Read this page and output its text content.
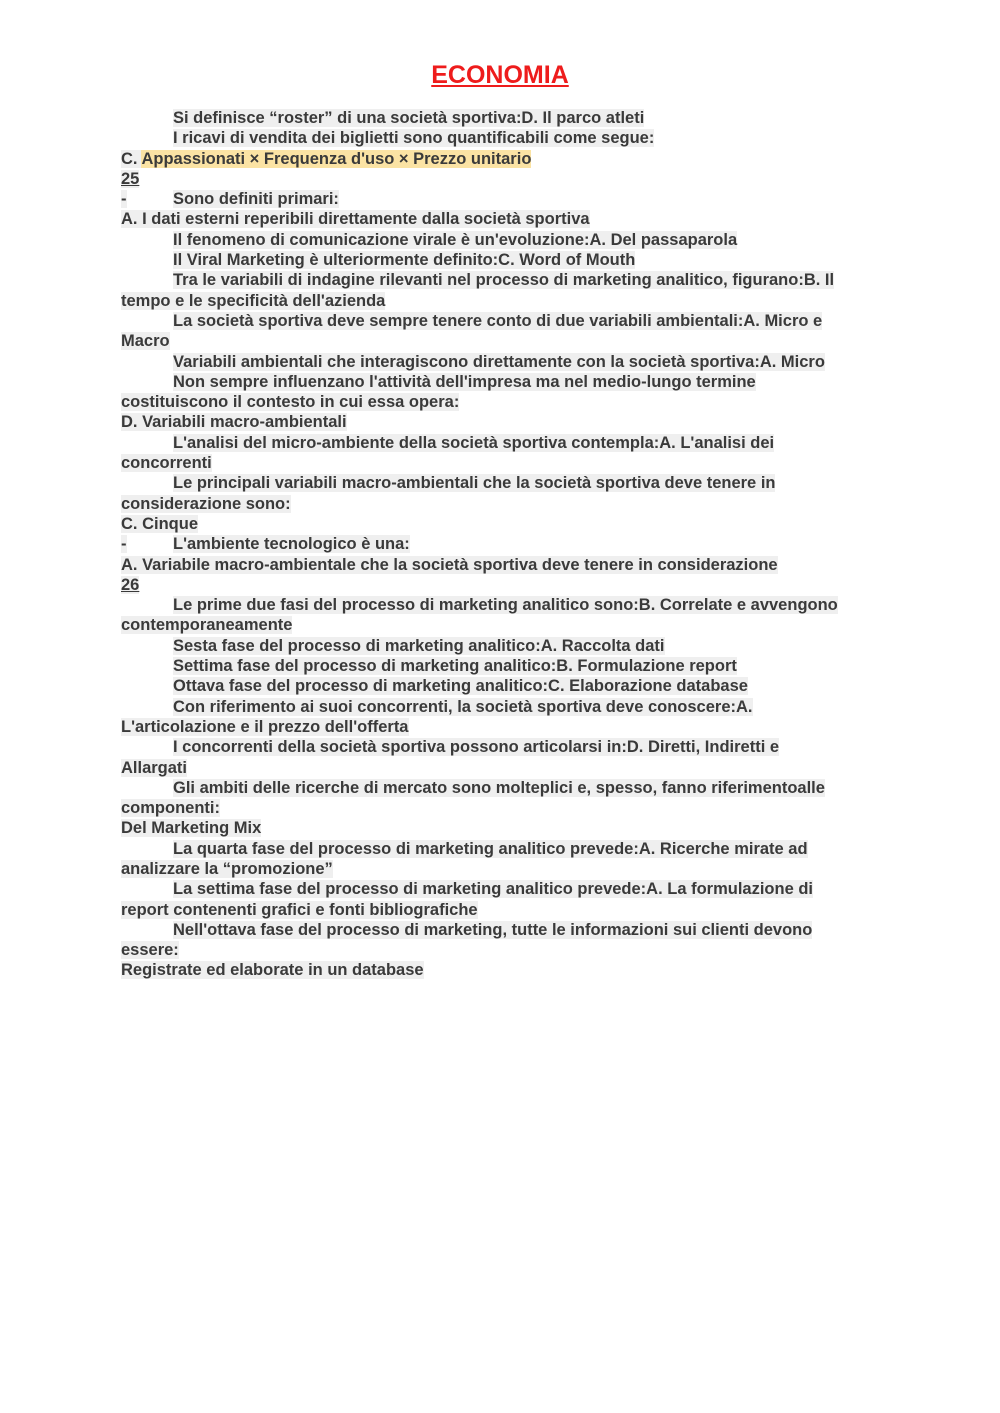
ECONOMIA
Si definisce “roster” di una società sportiva:D. Il parco atleti
I ricavi di vendita dei biglietti sono quantificabili come segue:
C. Appassionati × Frequenza d'uso × Prezzo unitario
25
-	Sono definiti primari:
A. I dati esterni reperibili direttamente dalla società sportiva
Il fenomeno di comunicazione virale è un'evoluzione:A. Del passaparola
Il Viral Marketing è ulteriormente definito:C. Word of Mouth
Tra le variabili di indagine rilevanti nel processo di marketing analitico, figurano:B. Il
tempo e le specificità dell'azienda
La società sportiva deve sempre tenere conto di due variabili ambientali:A. Micro e
Macro
Variabili ambientali che interagiscono direttamente con la società sportiva:A. Micro
Non sempre influenzano l'attività dell'impresa ma nel medio-lungo termine
costituiscono il contesto in cui essa opera:
D. Variabili macro-ambientali
L'analisi del micro-ambiente della società sportiva contempla:A. L'analisi dei
concorrenti
Le principali variabili macro-ambientali che la società sportiva deve tenere in
considerazione sono:
C. Cinque
-	L'ambiente tecnologico è una:
A. Variabile macro-ambientale che la società sportiva deve tenere in considerazione
26
Le prime due fasi del processo di marketing analitico sono:B. Correlate e avvengono
contemporaneamente
Sesta fase del processo di marketing analitico:A. Raccolta dati
Settima fase del processo di marketing analitico:B. Formulazione report
Ottava fase del processo di marketing analitico:C. Elaborazione database
Con riferimento ai suoi concorrenti, la società sportiva deve conoscere:A.
L'articolazione e il prezzo dell'offerta
I concorrenti della società sportiva possono articolarsi in:D. Diretti, Indiretti e
Allargati
Gli ambiti delle ricerche di mercato sono molteplici e, spesso, fanno riferimentoalle
componenti:
Del Marketing Mix
La quarta fase del processo di marketing analitico prevede:A. Ricerche mirate ad
analizzare la “promozione”
La settima fase del processo di marketing analitico prevede:A. La formulazione di
report contenenti grafici e fonti bibliografiche
Nell'ottava fase del processo di marketing, tutte le informazioni sui clienti devono
essere:
Registrate ed elaborate in un database
